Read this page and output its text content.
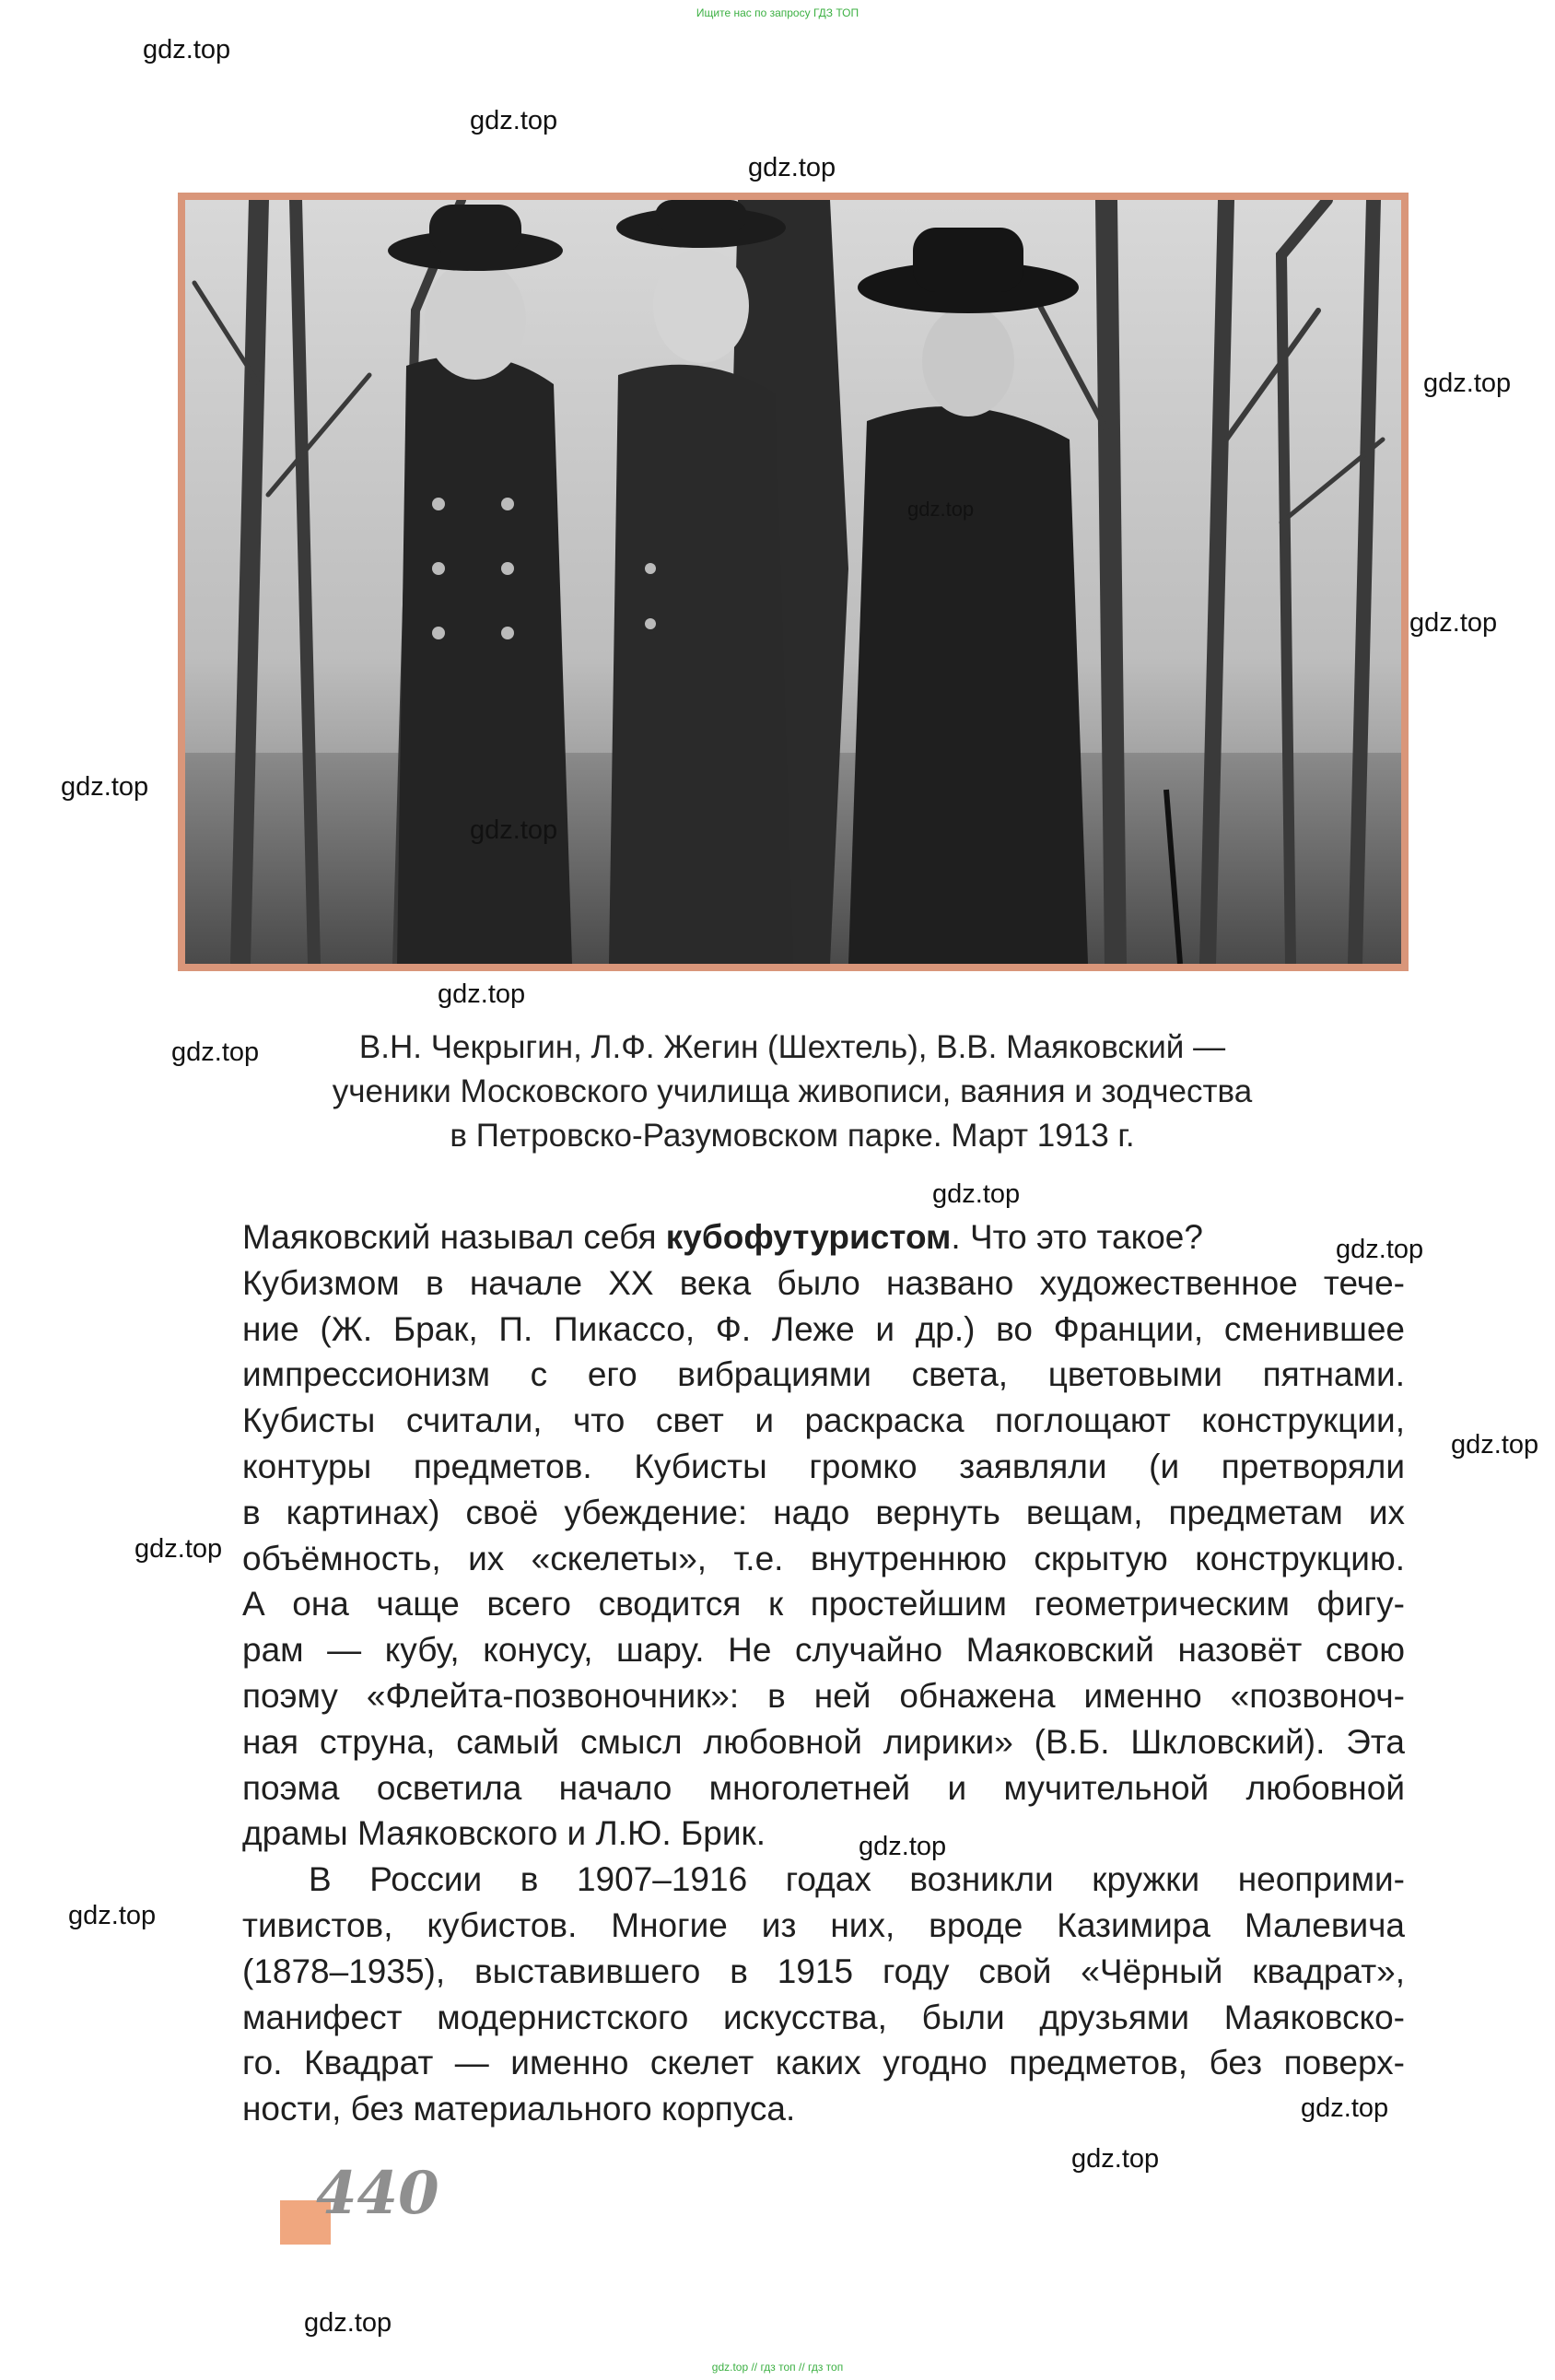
Ищите нас по запросу ГДЗ ТОП
В.Н. Чекрыгин, Л.Ф. Жегин (Шехтель), В.В. Маяковский —
ученики Московского училища живописи, ваяния и зодчества
в Петровско-Разумовском парке. Март 1913 г.
Маяковский называл себя кубофутуристом. Что это такое?
Кубизмом в начале XX века было названо художественное тече-
ние (Ж. Брак, П. Пикассо, Ф. Леже и др.) во Франции, сменившее
импрессионизм с его вибрациями света, цветовыми пятнами.
Кубисты считали, что свет и раскраска поглощают конструкции,
контуры предметов. Кубисты громко заявляли (и претворяли
в картинах) своё убеждение: надо вернуть вещам, предметам их
объёмность, их «скелеты», т.е. внутреннюю скрытую конструкцию.
А она чаще всего сводится к простейшим геометрическим фигу-
рам — кубу, конусу, шару. Не случайно Маяковский назовёт свою
поэму «Флейта-позвоночник»: в ней обнажена именно «позвоноч-
ная струна, самый смысл любовной лирики» (В.Б. Шкловский). Эта
поэма осветила начало многолетней и мучительной любовной
драмы Маяковского и Л.Ю. Брик.
В России в 1907–1916 годах возникли кружки неоприми-
тивистов, кубистов. Многие из них, вроде Казимира Малевича
(1878–1935), выставившего в 1915 году свой «Чёрный квадрат»,
манифест модернистского искусства, были друзьями Маяковско-
го. Квадрат — именно скелет каких угодно предметов, без поверх-
ности, без материального корпуса.
440
gdz.top
gdz.top
gdz.top
gdz.top
gdz.top
gdz.top
gdz.top
gdz.top
gdz.top
gdz.top
gdz.top
gdz.top
gdz.top
gdz.top
gdz.top
gdz.top
gdz.top
gdz.top
gdz.top
gdz.top // гдз топ // гдз топ
